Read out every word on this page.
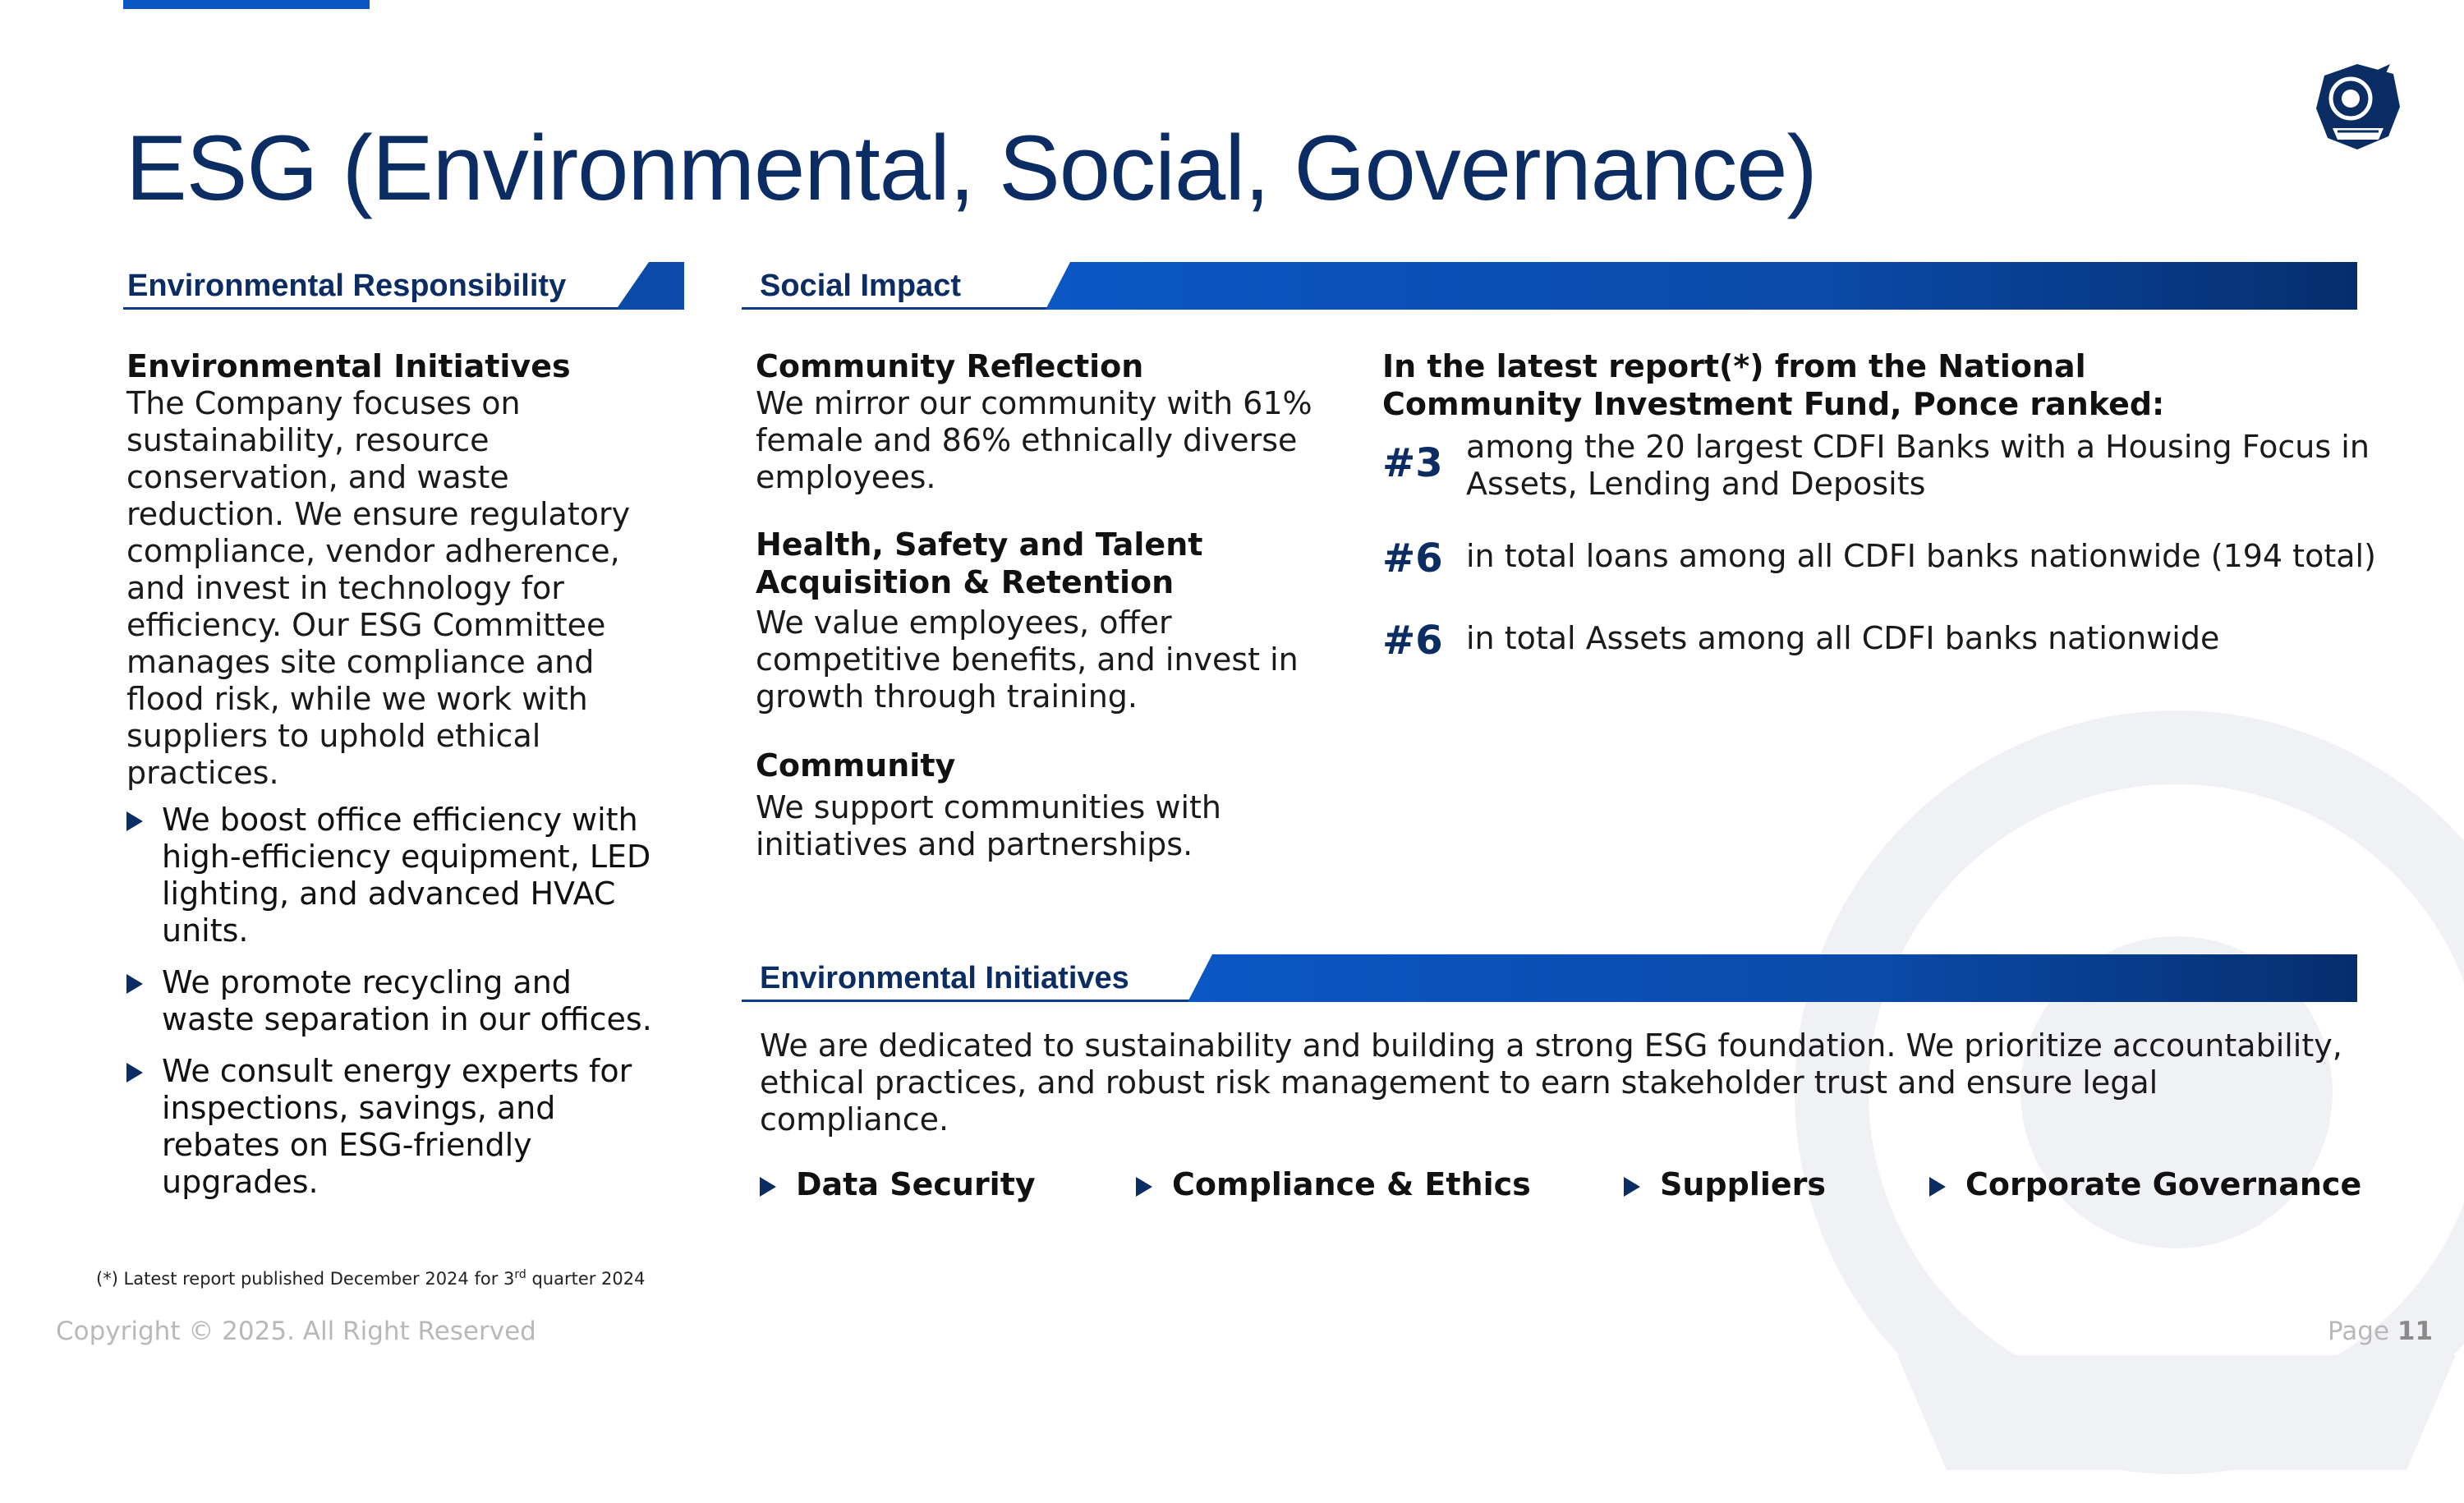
ESG (Environmental, Social, Governance)
Environmental Responsibility	Social Impact
Environmental Initiatives
Environmental Initiatives
The Company focuses on sustainability, resource conservation, and waste reduction. We ensure regulatory compliance, vendor adherence, and invest in technology for efficiency. Our ESG Committee manages site compliance and flood risk, while we work with suppliers to uphold ethical practices.
We boost office efficiency with high-efficiency equipment, LED lighting, and advanced HVAC units.
We promote recycling and waste separation in our offices.
We consult energy experts for inspections, savings, and rebates on ESG-friendly upgrades.
Community Reflection
We mirror our community with 61% female and 86% ethnically diverse employees.
Health, Safety and Talent Acquisition & Retention
We value employees, offer competitive benefits, and invest in growth through training.
Community
We support communities with initiatives and partnerships.
In the latest report(*) from the National Community Investment Fund, Ponce ranked:
#3 among the 20 largest CDFI Banks with a Housing Focus in Assets, Lending and Deposits
#6 in total loans among all CDFI banks nationwide (194 total)
#6 in total Assets among all CDFI banks nationwide
We are dedicated to sustainability and building a strong ESG foundation. We prioritize accountability, ethical practices, and robust risk management to earn stakeholder trust and ensure legal compliance.
Data Security	Compliance & Ethics	Suppliers	Corporate Governance
(*) Latest report published December 2024 for 3rd quarter 2024
Copyright © 2025. All Right Reserved	Page 11
